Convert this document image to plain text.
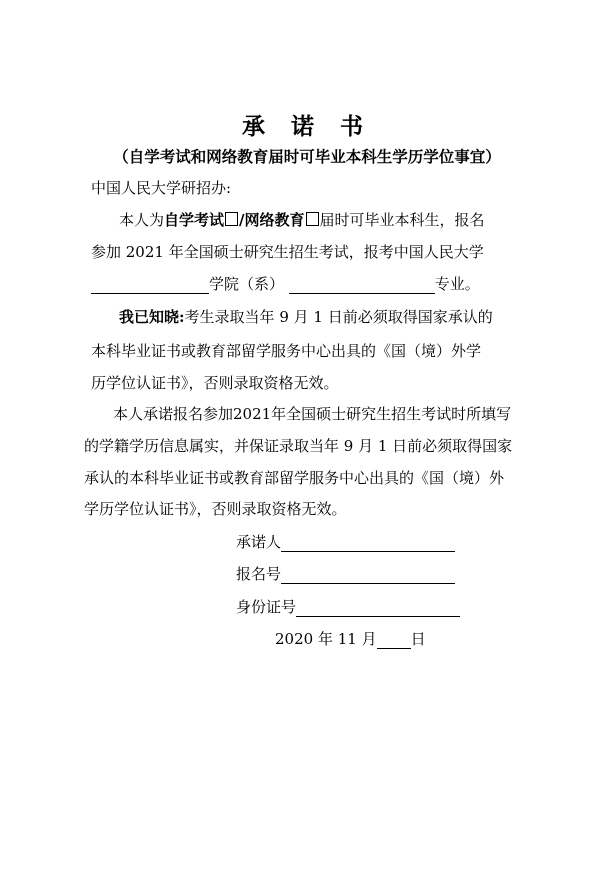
承 诺 书
（自学考试和网络教育届时可毕业本科生学历学位事宜）
中国人民大学研招办:
本人为自学考试 /网络教育 届时可毕业本科生，报名
参加 2021 年全国硕士研究生招生考试，报考中国人民大学
学院（系）	专业。
我已知晓:考生录取当年 9 月 1 日前必须取得国家承认的
本科毕业证书或教育部留学服务中心出具的《国（境）外学
历学位认证书》，否则录取资格无效。
本人承诺报名参加2021年全国硕士研究生招生考试时所填写
的学籍学历信息属实，并保证录取当年 9 月 1 日前必须取得国家
承认的本科毕业证书或教育部留学服务中心出具的《国（境）外
学历学位认证书》，否则录取资格无效。
承诺人
报名号
身份证号
2020 年 11 月 日
